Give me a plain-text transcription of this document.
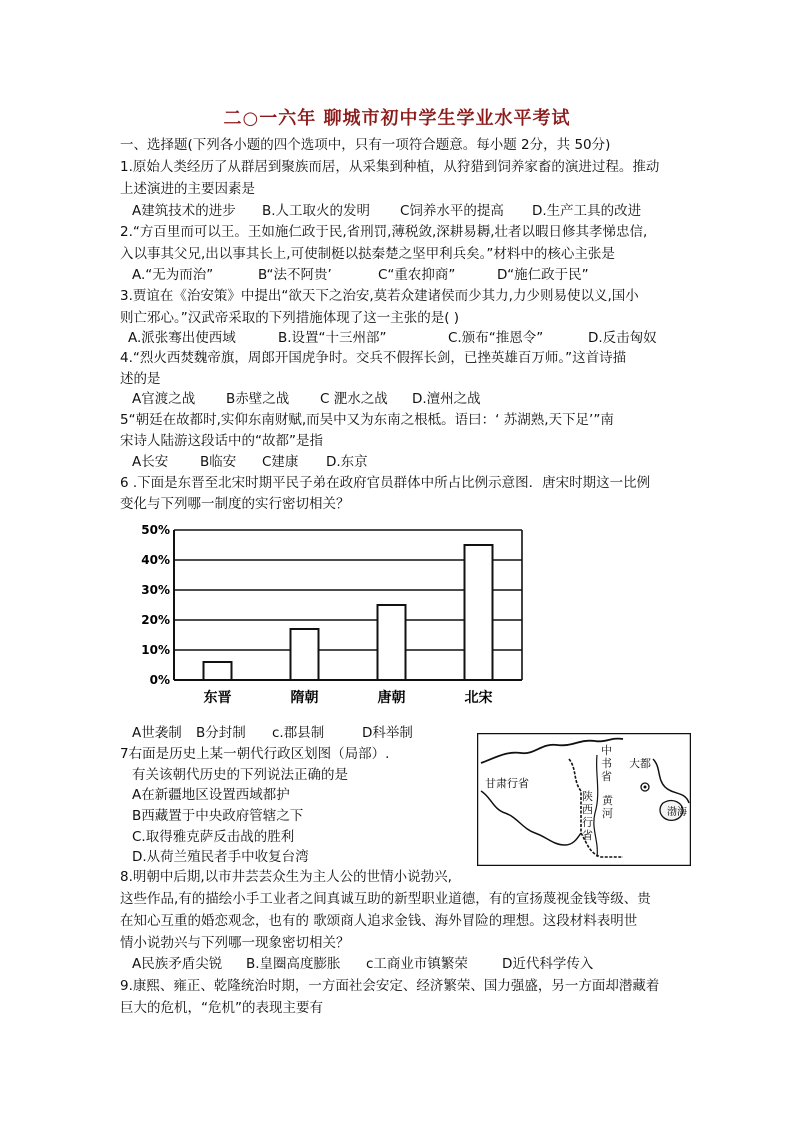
二○一六年 聊城市初中学生学业水平考试
一、选择题(下列各小题的四个选项中，只有一项符合题意。每小题 2分，共 50分)
1.原始人类经历了从群居到聚族而居，从采集到种植，从狩猎到饲养家畜的演进过程。推动
上述演进的主要因素是
A建筑技术的进步 B.人工取火的发明 C饲养水平的提高 D.生产工具的改进
2.“方百里而可以王。王如施仁政于民,省刑罚,薄税敛,深耕易耨,壮者以暇日修其孝悌忠信,
入以事其父兄,出以事其长上,可使制梃以挞秦楚之坚甲利兵矣。”材料中的核心主张是
A.“无为而治”	B“法不阿贵’	C“重农抑商”	D“施仁政于民”
3.贾谊在《治安策》中提出“欲天下之治安,莫若众建诸侯而少其力,力少则易使以义,国小
则亡邪心。”汉武帝采取的下列措施体现了这一主张的是( )
A.派张骞出使西域	B.设置“十三州部”	C.颁布“推恩令”	D.反击匈奴
4.“烈火西焚魏帝旗，周郎开国虎争时。交兵不假挥长剑，已挫英雄百万师。”这首诗描
述的是
A官渡之战 B赤壁之战 C 淝水之战 D.澶州之战
5“朝廷在故都时,实仰东南财赋,而吴中又为东南之根柢。语曰：‘ 苏湖熟,天下足’”南
宋诗人陆游这段话中的“故都”是指
A长安 B临安 C建康 D.东京
6 .下面是东晋至北宋时期平民子弟在政府官员群体中所占比例示意图．唐宋时期这一比例
变化与下列哪一制度的实行密切相关？
0%
10%
20%
30%
40%
50%
东晋	隋朝	唐朝	北宋
A世袭制 B分封制 c.郡县制	D科举制
7右面是历史上某一朝代行政区划图（局部）.
有关该朝代历史的下列说法正确的是
A在新疆地区设置西域都护
B西藏置于中央政府管辖之下
C.取得雅克萨反击战的胜利
D.从荷兰殖民者手中收复台湾
甘肃行省
大都
渤海
中
书
省
陕
西
行
省
黄
河
8.明朝中后期,以市井芸芸众生为主人公的世情小说勃兴,
这些作品,有的描绘小手工业者之间真诚互助的新型职业道德，有的宣扬蔑视金钱等级、贵
在知心互重的婚恋观念，也有的 歌颂商人追求金钱、海外冒险的理想。这段材料表明世
情小说勃兴与下列哪一现象密切相关？
A民族矛盾尖锐 B.皇圈高度膨胀 c工商业市镇繁荣	D近代科学传入
9.康熙、雍正、乾隆统治时期，一方面社会安定、经济繁荣、国力强盛，另一方面却潜藏着
巨大的危机，“危机”的表现主要有
